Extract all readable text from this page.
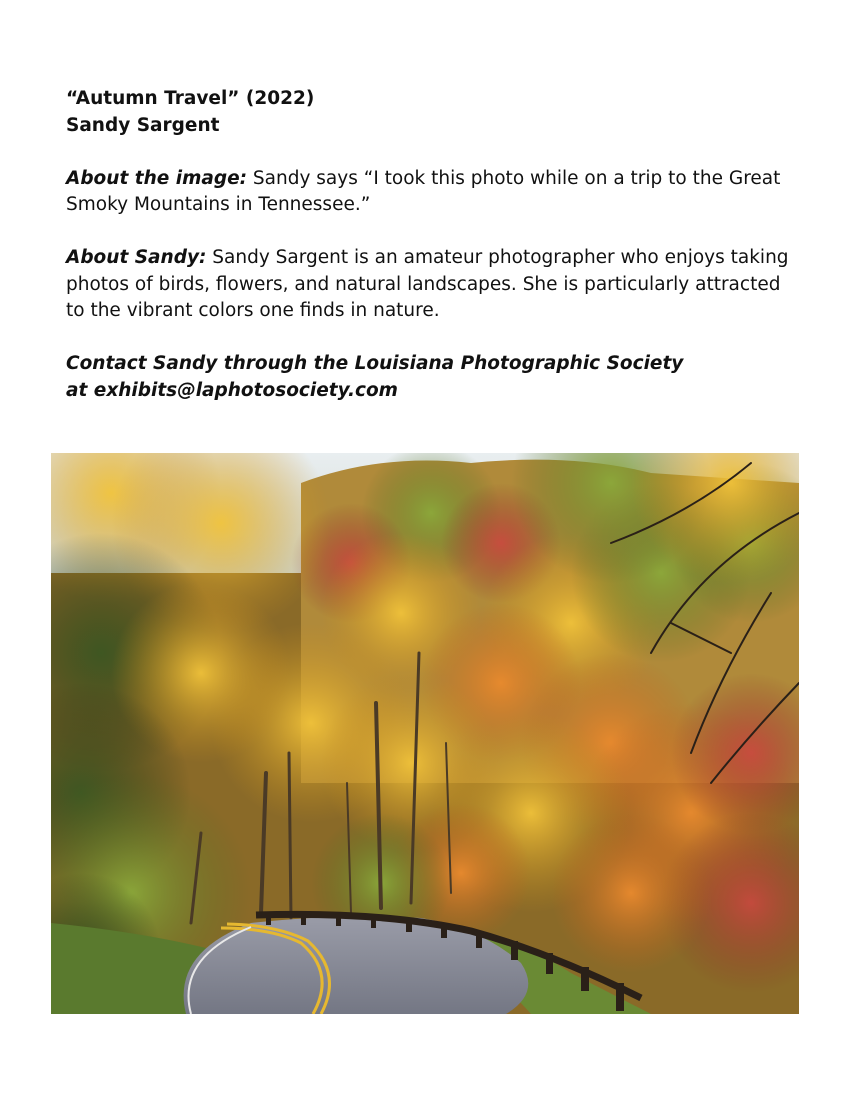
“Autumn Travel” (2022)
Sandy Sargent
About the image: Sandy says “I took this photo while on a trip to the Great Smoky Mountains in Tennessee.”
About Sandy: Sandy Sargent is an amateur photographer who enjoys taking photos of birds, flowers, and natural landscapes. She is particularly attracted to the vibrant colors one finds in nature.
Contact Sandy through the Louisiana Photographic Society
at exhibits@laphotosociety.com
